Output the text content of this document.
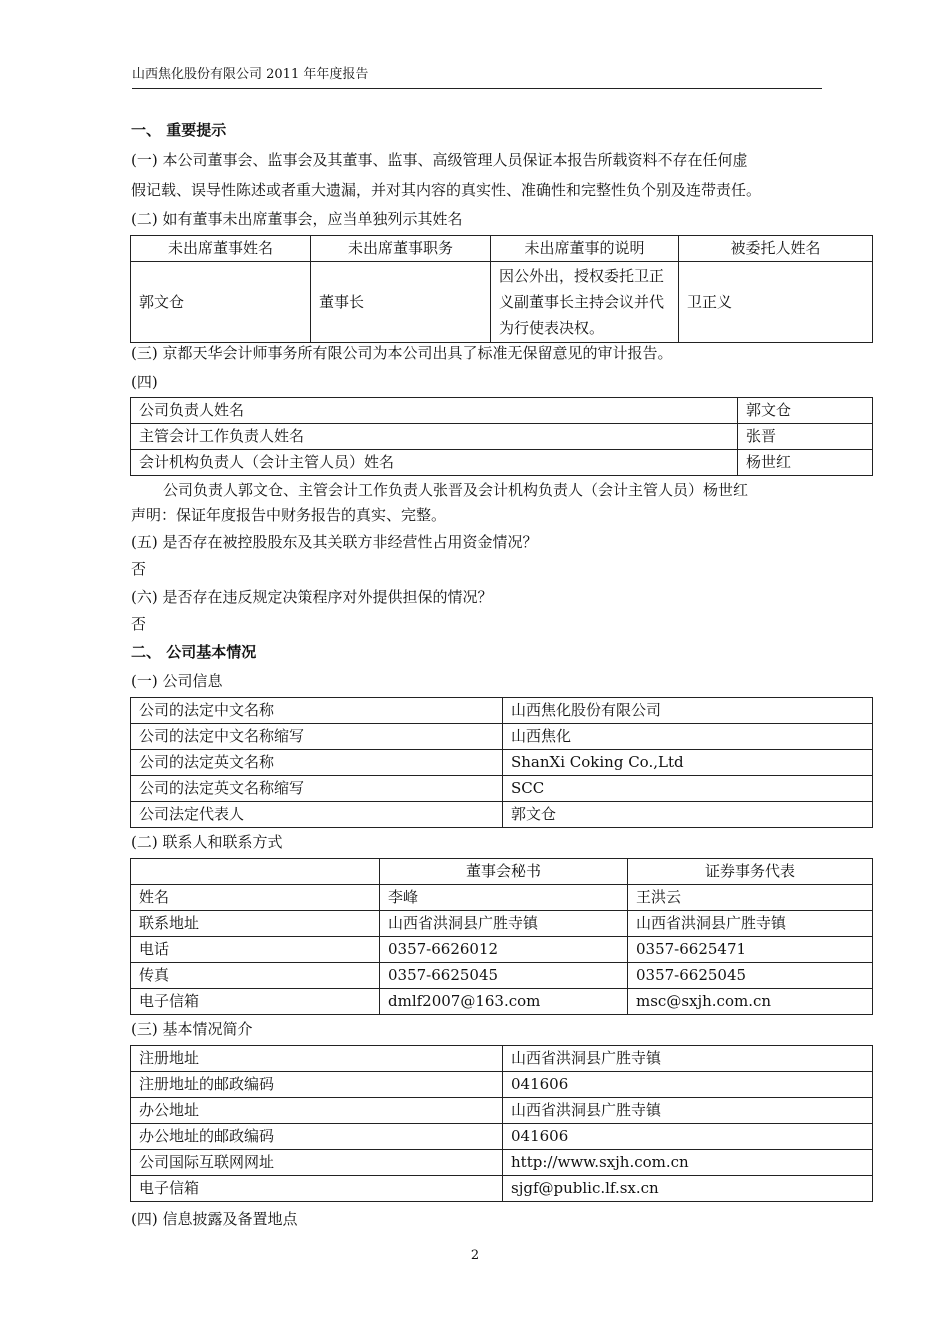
山西焦化股份有限公司 2011 年年度报告
一、 重要提示
(一) 本公司董事会、监事会及其董事、监事、高级管理人员保证本报告所载资料不存在任何虚
假记载、误导性陈述或者重大遗漏，并对其内容的真实性、准确性和完整性负个别及连带责任。
(二) 如有董事未出席董事会，应当单独列示其姓名
未出席董事姓名	未出席董事职务	未出席董事的说明	被委托人姓名
郭文仓	董事长	因公外出，授权委托卫正义副董事长主持会议并代为行使表决权。	卫正义
(三) 京都天华会计师事务所有限公司为本公司出具了标准无保留意见的审计报告。
(四)
公司负责人姓名	郭文仓
主管会计工作负责人姓名	张晋
会计机构负责人（会计主管人员）姓名	杨世红
公司负责人郭文仓、主管会计工作负责人张晋及会计机构负责人（会计主管人员）杨世红
声明：保证年度报告中财务报告的真实、完整。
(五) 是否存在被控股股东及其关联方非经营性占用资金情况？
否
(六) 是否存在违反规定决策程序对外提供担保的情况？
否
二、 公司基本情况
(一) 公司信息
公司的法定中文名称	山西焦化股份有限公司
公司的法定中文名称缩写	山西焦化
公司的法定英文名称	ShanXi Coking Co.,Ltd
公司的法定英文名称缩写	SCC
公司法定代表人	郭文仓
(二) 联系人和联系方式
	董事会秘书	证券事务代表
姓名	李峰	王洪云
联系地址	山西省洪洞县广胜寺镇	山西省洪洞县广胜寺镇
电话	0357-6626012	0357-6625471
传真	0357-6625045	0357-6625045
电子信箱	dmlf2007@163.com	msc@sxjh.com.cn
(三) 基本情况简介
注册地址	山西省洪洞县广胜寺镇
注册地址的邮政编码	041606
办公地址	山西省洪洞县广胜寺镇
办公地址的邮政编码	041606
公司国际互联网网址	http://www.sxjh.com.cn
电子信箱	sjgf@public.lf.sx.cn
(四) 信息披露及备置地点
2
